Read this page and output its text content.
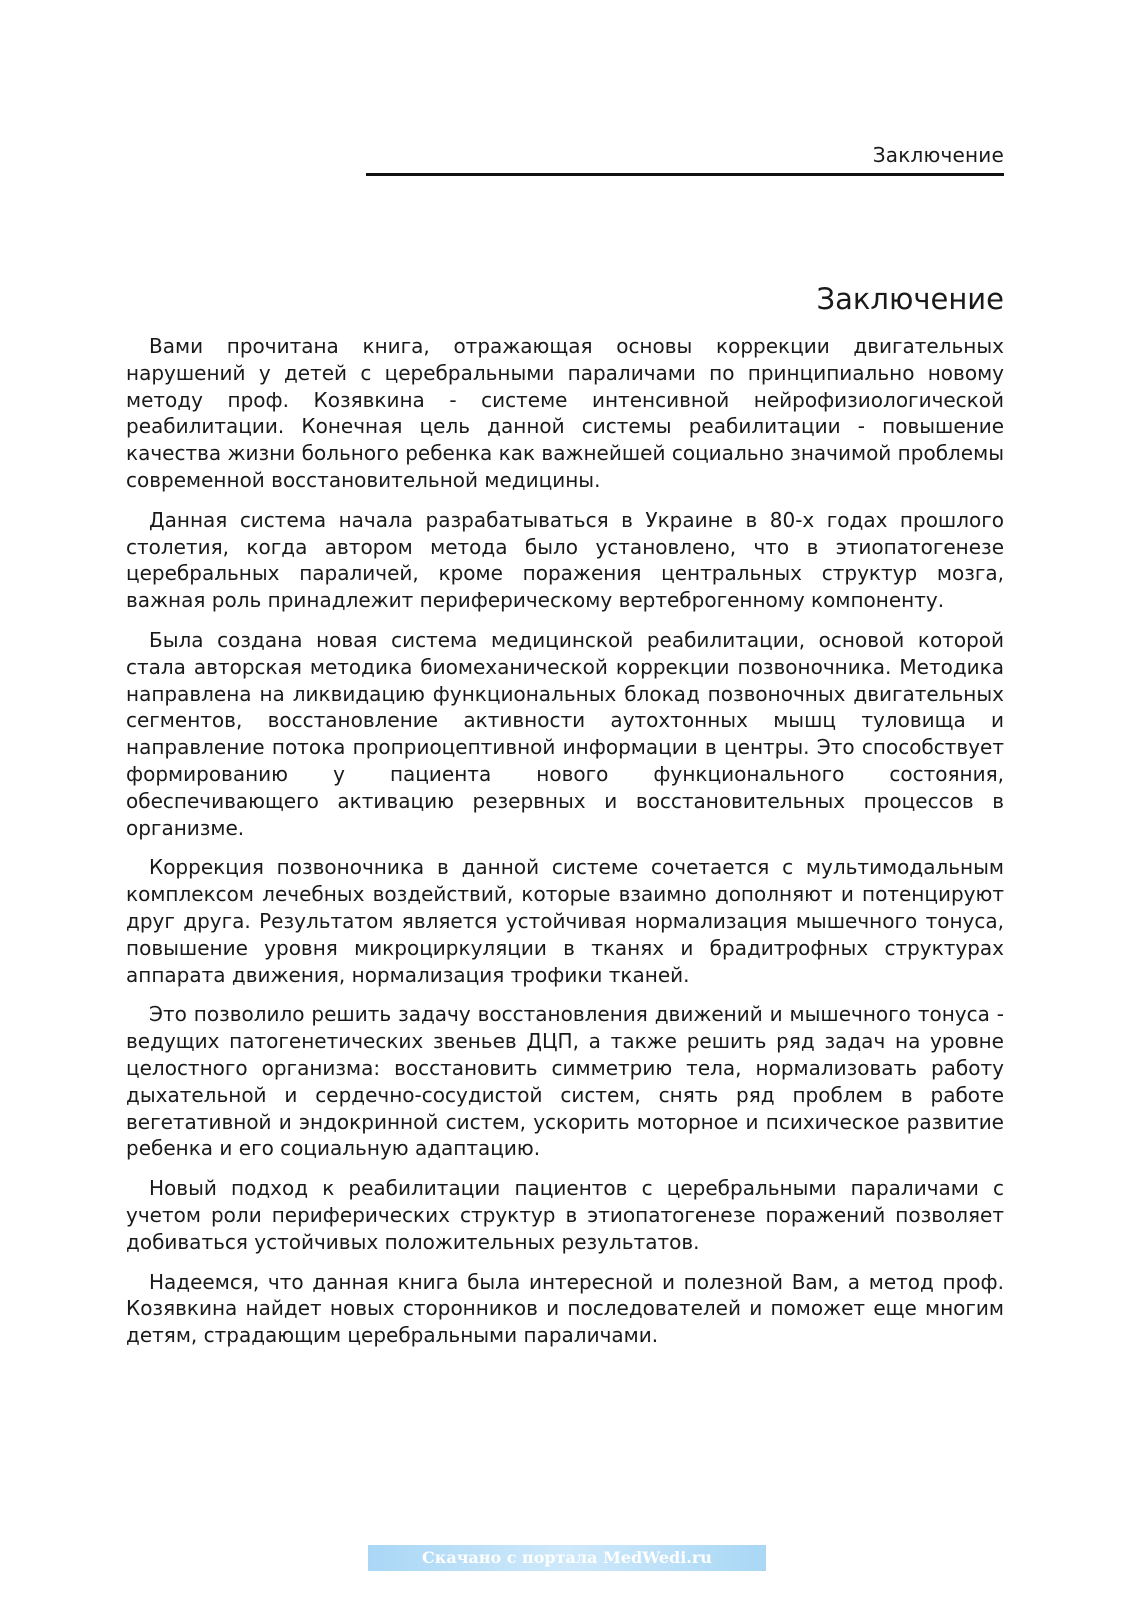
Заключение
Заключение

Вами прочитана книга, отражающая основы коррекции двигательных нарушений у детей с церебральными параличами по принципиально новому методу проф. Козявкина - системе интенсивной нейрофизиологической реабилитации. Конечная цель данной системы реабилитации - повышение качества жизни больного ребенка как важнейшей социально значимой проблемы современной восстановительной медицины.

Данная система начала разрабатываться в Украине в 80-х годах прошлого столетия, когда автором метода было установлено, что в этиопатогенезе церебральных параличей, кроме поражения центральных структур мозга, важная роль принадлежит периферическому вертеброгенному компоненту.

Была создана новая система медицинской реабилитации, основой которой стала авторская методика биомеханической коррекции позвоночника. Методика направлена на ликвидацию функциональных блокад позвоночных двигательных сегментов, восстановление активности аутохтонных мышц туловища и направление потока проприоцептивной информации в центры. Это способствует формированию у пациента нового функционального состояния, обеспечивающего активацию резервных и восстановительных процессов в организме.

Коррекция позвоночника в данной системе сочетается с мультимодальным комплексом лечебных воздействий, которые взаимно дополняют и потенцируют друг друга. Результатом является устойчивая нормализация мышечного тонуса, повышение уровня микроциркуляции в тканях и брадитрофных структурах аппарата движения, нормализация трофики тканей.

Это позволило решить задачу восстановления движений и мышечного тонуса - ведущих патогенетических звеньев ДЦП, а также решить ряд задач на уровне целостного организма: восстановить симметрию тела, нормализовать работу дыхательной и сердечно-сосудистой систем, снять ряд проблем в работе вегетативной и эндокринной систем, ускорить моторное и психическое развитие ребенка и его социальную адаптацию.

Новый подход к реабилитации пациентов с церебральными параличами с учетом роли периферических структур в этиопатогенезе поражений позволяет добиваться устойчивых положительных результатов.

Надеемся, что данная книга была интересной и полезной Вам, а метод проф. Козявкина найдет новых сторонников и последователей и поможет еще многим детям, страдающим церебральными параличами.

Скачано с портала MedWedi.ru
